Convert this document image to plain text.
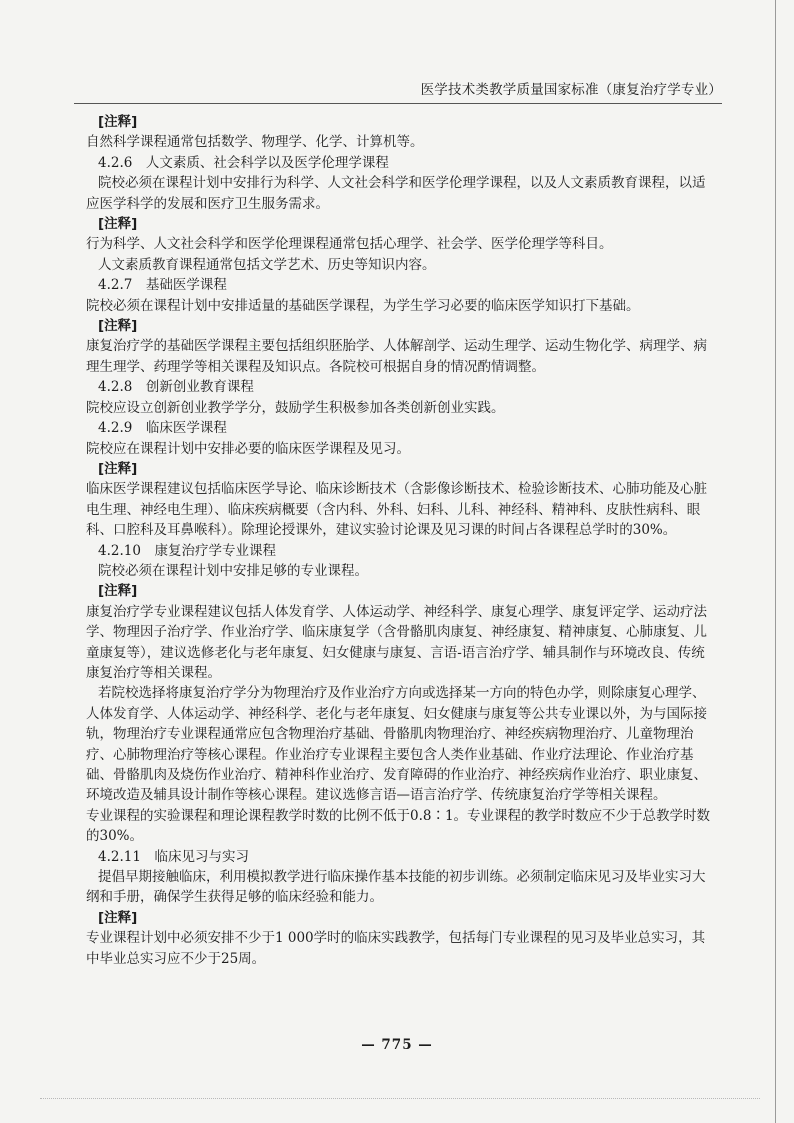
医学技术类教学质量国家标准（康复治疗学专业）

[注释]

自然科学课程通常包括数学、物理学、化学、计算机等。

4.2.6　人文素质、社会科学以及医学伦理学课程

院校必须在课程计划中安排行为科学、人文社会科学和医学伦理学课程，以及人文素质教育课程，以适应医学科学的发展和医疗卫生服务需求。

[注释]

行为科学、人文社会科学和医学伦理课程通常包括心理学、社会学、医学伦理学等科目。

人文素质教育课程通常包括文学艺术、历史等知识内容。

4.2.7　基础医学课程

院校必须在课程计划中安排适量的基础医学课程，为学生学习必要的临床医学知识打下基础。

[注释]

康复治疗学的基础医学课程主要包括组织胚胎学、人体解剖学、运动生理学、运动生物化学、病理学、病理生理学、药理学等相关课程及知识点。各院校可根据自身的情况酌情调整。

4.2.8　创新创业教育课程

院校应设立创新创业教学学分，鼓励学生积极参加各类创新创业实践。

4.2.9　临床医学课程

院校应在课程计划中安排必要的临床医学课程及见习。

[注释]

临床医学课程建议包括临床医学导论、临床诊断技术（含影像诊断技术、检验诊断技术、心肺功能及心脏电生理、神经电生理）、临床疾病概要（含内科、外科、妇科、儿科、神经科、精神科、皮肤性病科、眼科、口腔科及耳鼻喉科）。除理论授课外，建议实验讨论课及见习课的时间占各课程总学时的30%。

4.2.10　康复治疗学专业课程

院校必须在课程计划中安排足够的专业课程。

[注释]

康复治疗学专业课程建议包括人体发育学、人体运动学、神经科学、康复心理学、康复评定学、运动疗法学、物理因子治疗学、作业治疗学、临床康复学（含骨骼肌肉康复、神经康复、精神康复、心肺康复、儿童康复等），建议选修老化与老年康复、妇女健康与康复、言语-语言治疗学、辅具制作与环境改良、传统康复治疗等相关课程。

若院校选择将康复治疗学分为物理治疗及作业治疗方向或选择某一方向的特色办学，则除康复心理学、人体发育学、人体运动学、神经科学、老化与老年康复、妇女健康与康复等公共专业课以外，为与国际接轨，物理治疗专业课程通常应包含物理治疗基础、骨骼肌肉物理治疗、神经疾病物理治疗、儿童物理治疗、心肺物理治疗等核心课程。作业治疗专业课程主要包含人类作业基础、作业疗法理论、作业治疗基础、骨骼肌肉及烧伤作业治疗、精神科作业治疗、发育障碍的作业治疗、神经疾病作业治疗、职业康复、环境改造及辅具设计制作等核心课程。建议选修言语—语言治疗学、传统康复治疗学等相关课程。

专业课程的实验课程和理论课程教学时数的比例不低于0.8∶1。专业课程的教学时数应不少于总教学时数的30%。

4.2.11　临床见习与实习

提倡早期接触临床，利用模拟教学进行临床操作基本技能的初步训练。必须制定临床见习及毕业实习大纲和手册，确保学生获得足够的临床经验和能力。

[注释]

专业课程计划中必须安排不少于1 000学时的临床实践教学，包括每门专业课程的见习及毕业总实习，其中毕业总实习应不少于25周。

— 775 —
